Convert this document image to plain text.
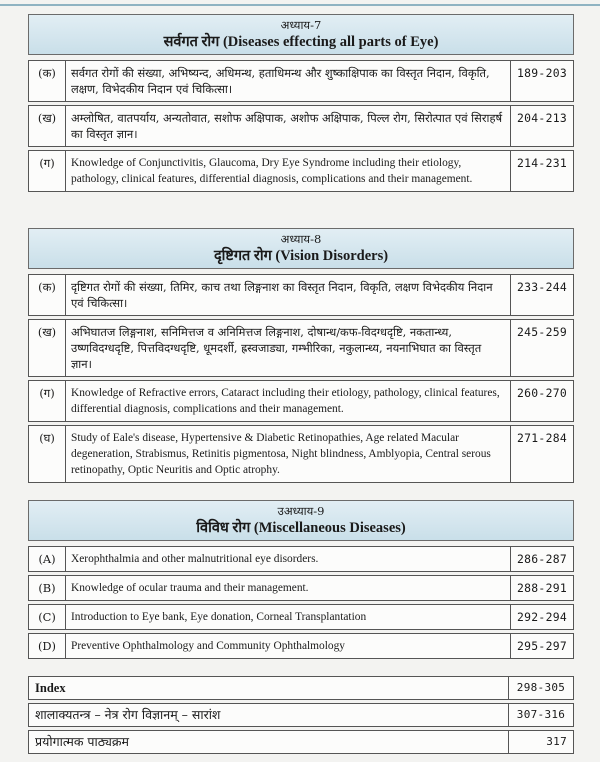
अध्याय-7
सर्वगत रोग (Diseases effecting all parts of Eye)
(क)	सर्वगत रोगों की संख्या, अभिष्यन्द, अधिमन्थ, हताधिमन्थ और शुष्काक्षिपाक का विस्तृत निदान, विकृति, लक्षण, विभेदकीय निदान एवं चिकित्सा।	189-203
(ख)	अम्लोषित, वातपर्याय, अन्यतोवात, सशोफ अक्षिपाक, अशोफ अक्षिपाक, पिल्ल रोग, सिरोत्पात एवं सिराहर्ष का विस्तृत ज्ञान।	204-213
(ग)	Knowledge of Conjunctivitis, Glaucoma, Dry Eye Syndrome including their etiology, pathology, clinical features, differential diagnosis, complications and their management.	214-231
अध्याय-8
दृष्टिगत रोग (Vision Disorders)
(क)	दृष्टिगत रोगों की संख्या, तिमिर, काच तथा लिङ्गनाश का विस्तृत निदान, विकृति, लक्षण विभेदकीय निदान एवं चिकित्सा।	233-244
(ख)	अभिघातज लिङ्गनाश, सनिमित्तज व अनिमित्तज लिङ्गनाश, दोषान्ध/कफ-विदग्धदृष्टि, नकतान्ध्य, उष्णविदग्धदृष्टि, पित्तविदग्धदृष्टि, धूमदर्शी, ह्रस्वजाड्या, गम्भीरिका, नकुलान्ध्य, नयनाभिघात का विस्तृत ज्ञान।	245-259
(ग)	Knowledge of Refractive errors, Cataract including their etiology, pathology, clinical features, differential diagnosis, complications and their management.	260-270
(घ)	Study of Eale's disease, Hypertensive & Diabetic Retinopathies, Age related Macular degeneration, Strabismus, Retinitis pigmentosa, Night blindness, Amblyopia, Central serous retinopathy, Optic Neuritis and Optic atrophy.	271-284
उअध्याय-9
विविध रोग (Miscellaneous Diseases)
(A)	Xerophthalmia and other malnutritional eye disorders.	286-287
(B)	Knowledge of ocular trauma and their management.	288-291
(C)	Introduction to Eye bank, Eye donation, Corneal Transplantation	292-294
(D)	Preventive Ophthalmology and Community Ophthalmology	295-297
Index	298-305
शालाक्यतन्त्र – नेत्र रोग विज्ञानम् – सारांश	307-316
प्रयोगात्मक पाठ्यक्रम	317
